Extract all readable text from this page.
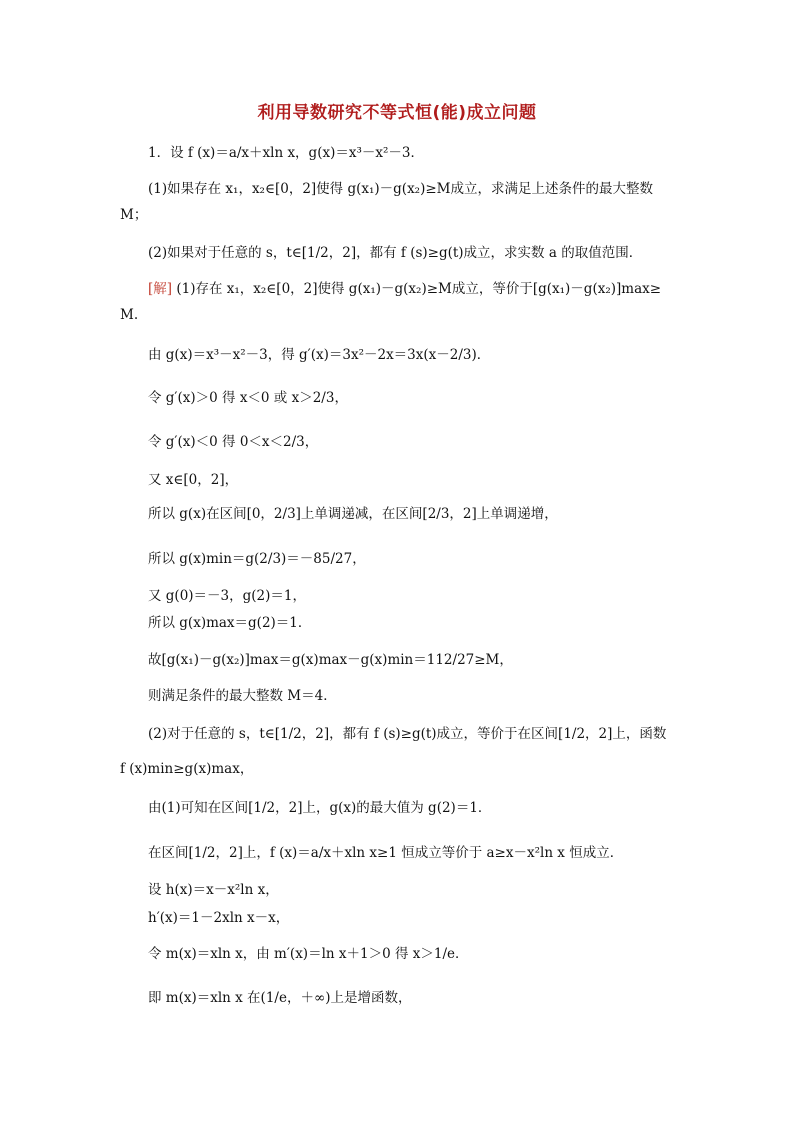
利用导数研究不等式恒(能)成立问题
1．设 f (x)＝a/x＋xln x，g(x)＝x³－x²－3．
(1)如果存在 x₁，x₂∈[0，2]使得 g(x₁)－g(x₂)≥M成立，求满足上述条件的最大整数
M；
(2)如果对于任意的 s，t∈[1/2，2]，都有 f (s)≥g(t)成立，求实数 a 的取值范围．
[解] (1)存在 x₁，x₂∈[0，2]使得 g(x₁)－g(x₂)≥M成立，等价于[g(x₁)－g(x₂)]max≥
M.
由 g(x)＝x³－x²－3，得 g′(x)＝3x²－2x＝3x(x－2/3)．
令 g′(x)＞0 得 x＜0 或 x＞2/3，
令 g′(x)＜0 得 0＜x＜2/3，
又 x∈[0，2]，
所以 g(x)在区间[0，2/3]上单调递减，在区间[2/3，2]上单调递增，
所以 g(x)min＝g(2/3)＝－85/27，
又 g(0)＝－3，g(2)＝1，
所以 g(x)max＝g(2)＝1．
故[g(x₁)－g(x₂)]max＝g(x)max－g(x)min＝112/27≥M，
则满足条件的最大整数 M＝4．
(2)对于任意的 s，t∈[1/2，2]，都有 f (s)≥g(t)成立，等价于在区间[1/2，2]上，函数
f (x)min≥g(x)max，
由(1)可知在区间[1/2，2]上，g(x)的最大值为 g(2)＝1．
在区间[1/2，2]上，f (x)＝a/x＋xln x≥1 恒成立等价于 a≥x－x²ln x 恒成立．
设 h(x)＝x－x²ln x，
h′(x)＝1－2xln x－x，
令 m(x)＝xln x，由 m′(x)＝ln x＋1＞0 得 x＞1/e．
即 m(x)＝xln x 在(1/e，＋∞)上是增函数，
